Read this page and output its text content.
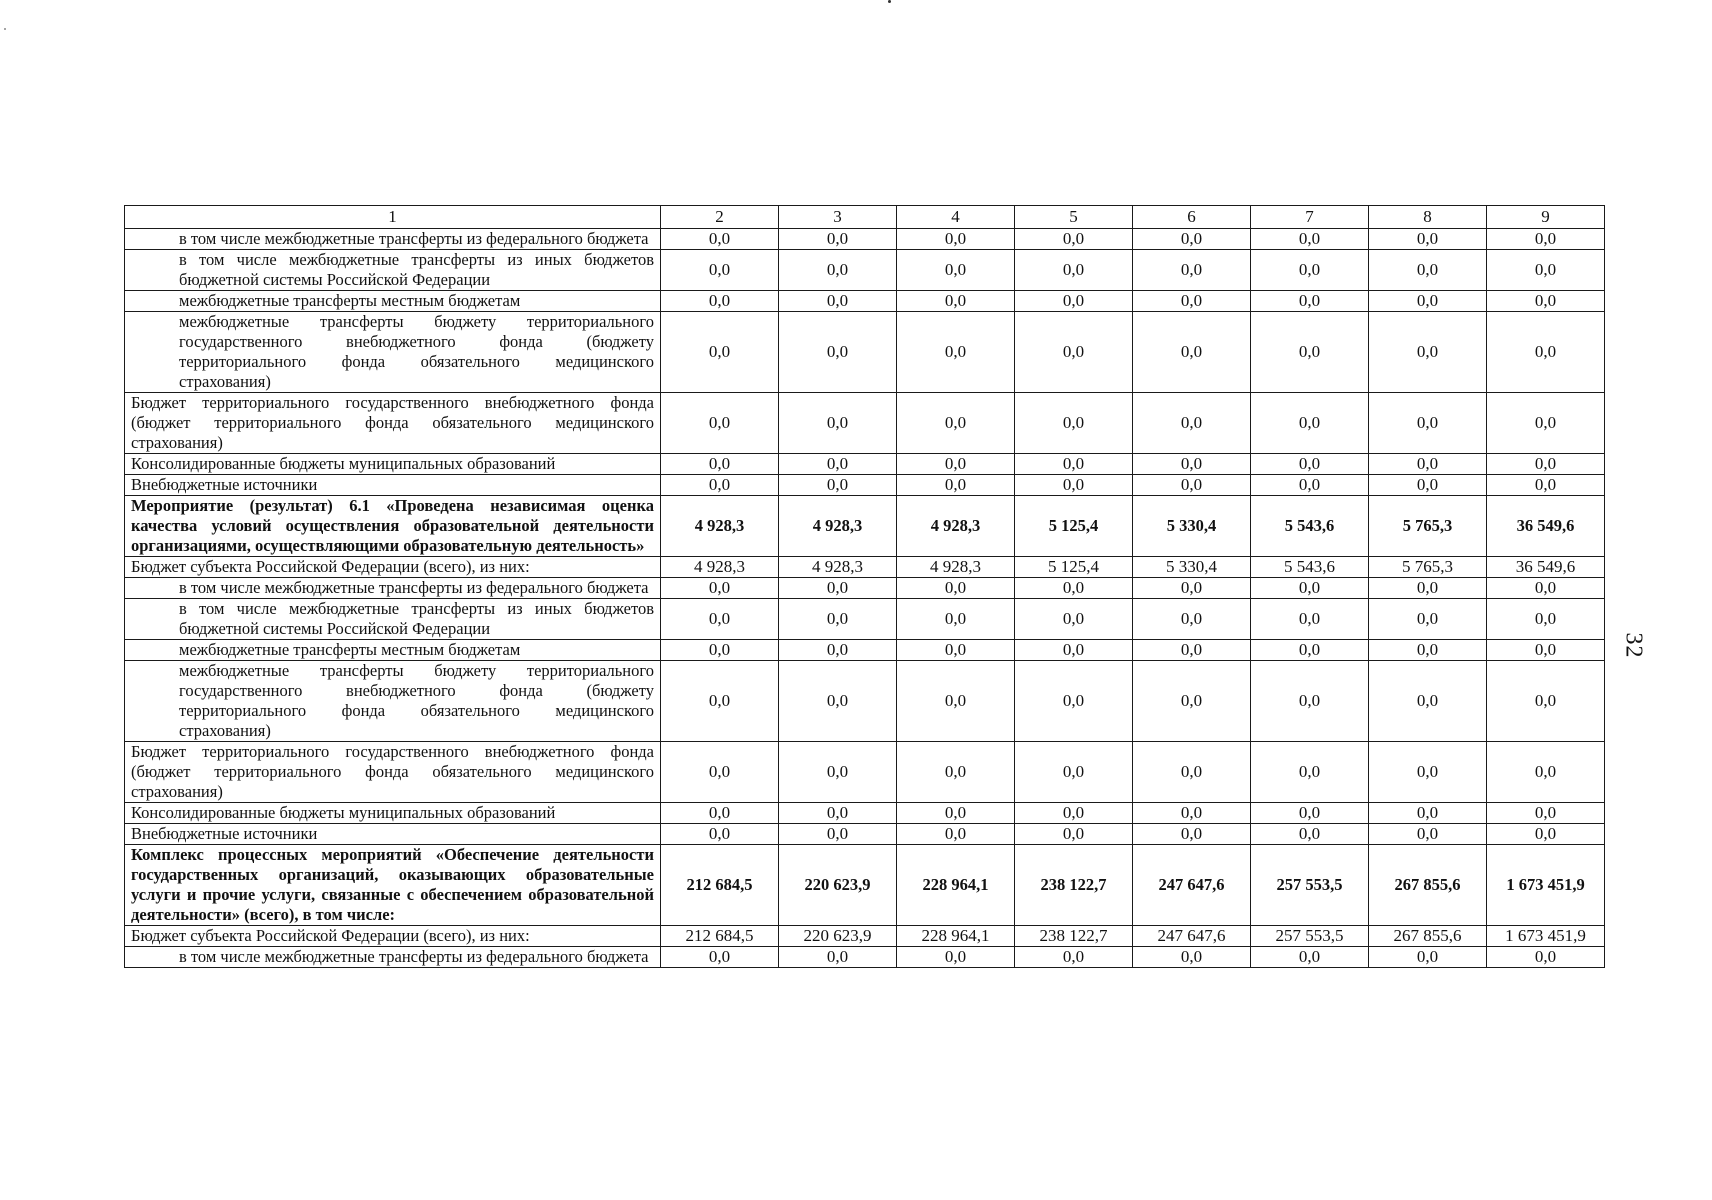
1	2	3	4	5	6	7	8	9
в том числе межбюджетные трансферты из федерального бюджета	0,0	0,0	0,0	0,0	0,0	0,0	0,0	0,0
в том числе межбюджетные трансферты из иных бюджетов бюджетной системы Российской Федерации	0,0	0,0	0,0	0,0	0,0	0,0	0,0	0,0
межбюджетные трансферты местным бюджетам	0,0	0,0	0,0	0,0	0,0	0,0	0,0	0,0
межбюджетные трансферты бюджету территориального государственного внебюджетного фонда (бюджету территориального фонда обязательного медицинского страхования)	0,0	0,0	0,0	0,0	0,0	0,0	0,0	0,0
Бюджет территориального государственного внебюджетного фонда (бюджет территориального фонда обязательного медицинского страхования)	0,0	0,0	0,0	0,0	0,0	0,0	0,0	0,0
Консолидированные бюджеты муниципальных образований	0,0	0,0	0,0	0,0	0,0	0,0	0,0	0,0
Внебюджетные источники	0,0	0,0	0,0	0,0	0,0	0,0	0,0	0,0
Мероприятие (результат) 6.1 «Проведена независимая оценка качества условий осуществления образовательной деятельности организациями, осуществляющими образовательную деятельность»	4 928,3	4 928,3	4 928,3	5 125,4	5 330,4	5 543,6	5 765,3	36 549,6
Бюджет субъекта Российской Федерации (всего), из них:	4 928,3	4 928,3	4 928,3	5 125,4	5 330,4	5 543,6	5 765,3	36 549,6
в том числе межбюджетные трансферты из федерального бюджета	0,0	0,0	0,0	0,0	0,0	0,0	0,0	0,0
в том числе межбюджетные трансферты из иных бюджетов бюджетной системы Российской Федерации	0,0	0,0	0,0	0,0	0,0	0,0	0,0	0,0
межбюджетные трансферты местным бюджетам	0,0	0,0	0,0	0,0	0,0	0,0	0,0	0,0
межбюджетные трансферты бюджету территориального государственного внебюджетного фонда (бюджету территориального фонда обязательного медицинского страхования)	0,0	0,0	0,0	0,0	0,0	0,0	0,0	0,0
Бюджет территориального государственного внебюджетного фонда (бюджет территориального фонда обязательного медицинского страхования)	0,0	0,0	0,0	0,0	0,0	0,0	0,0	0,0
Консолидированные бюджеты муниципальных образований	0,0	0,0	0,0	0,0	0,0	0,0	0,0	0,0
Внебюджетные источники	0,0	0,0	0,0	0,0	0,0	0,0	0,0	0,0
Комплекс процессных мероприятий «Обеспечение деятельности государственных организаций, оказывающих образовательные услуги и прочие услуги, связанные с обеспечением образовательной деятельности» (всего), в том числе:	212 684,5	220 623,9	228 964,1	238 122,7	247 647,6	257 553,5	267 855,6	1 673 451,9
Бюджет субъекта Российской Федерации (всего), из них:	212 684,5	220 623,9	228 964,1	238 122,7	247 647,6	257 553,5	267 855,6	1 673 451,9
в том числе межбюджетные трансферты из федерального бюджета	0,0	0,0	0,0	0,0	0,0	0,0	0,0	0,0
32
